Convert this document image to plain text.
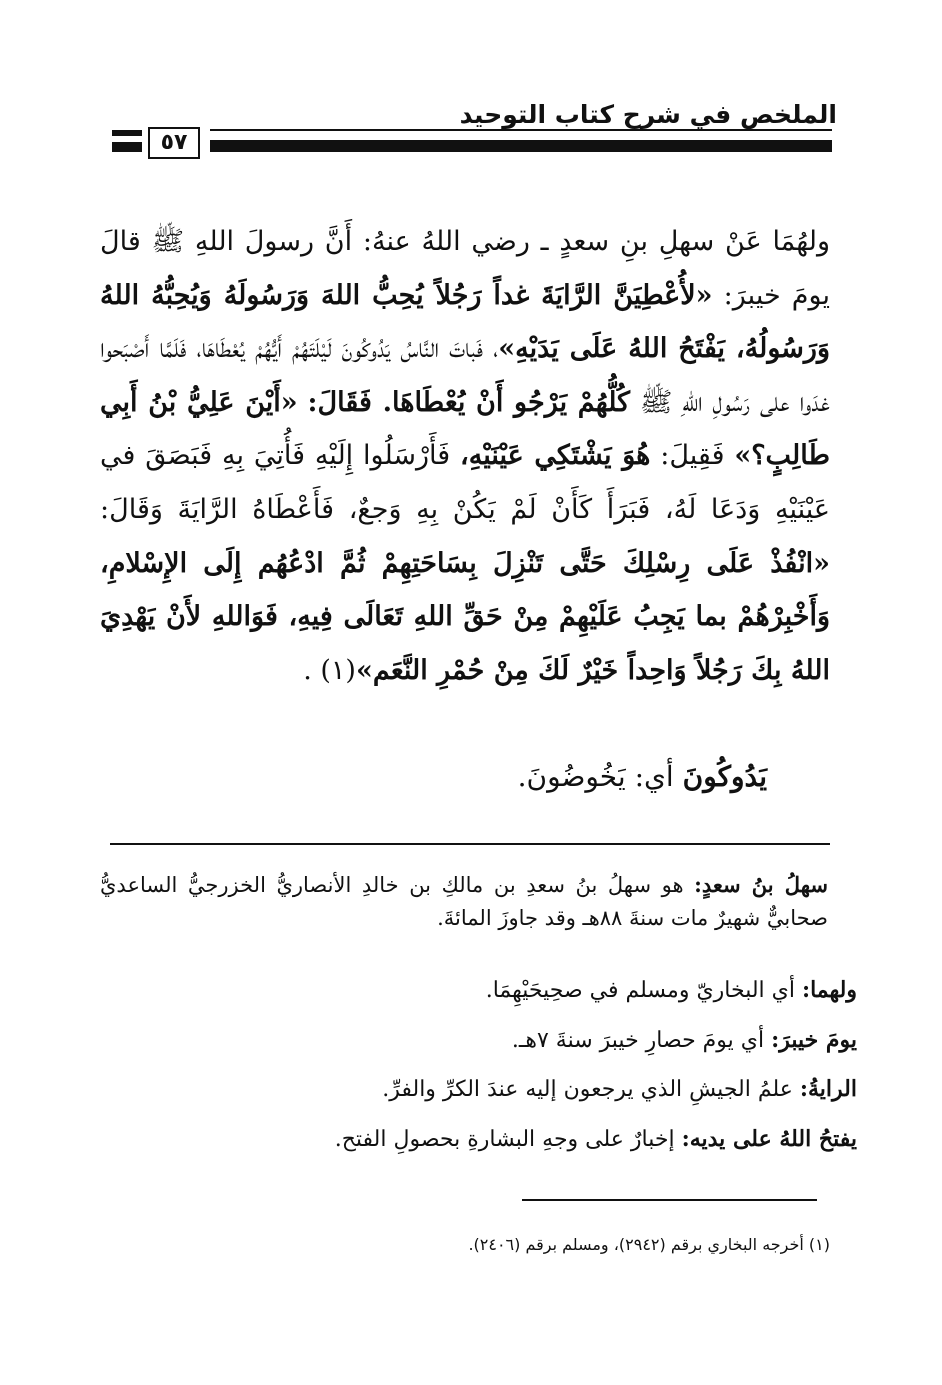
الملخص في شرح كتاب التوحيد
٥٧
ولهُمَا عَنْ سهلِ بنِ سعدٍ ـ رضي اللهُ عنهُ: أَنَّ رسولَ اللهِ ﷺ قالَ يومَ خيبرَ: «لأُعْطِيَنَّ الرَّايَةَ غداً رَجُلاً يُحِبُّ اللهَ وَرَسُولَهُ وَيُحِبُّهُ اللهُ وَرَسُولُهُ، يَفْتَحُ اللهُ عَلَى يَدَيْهِ»، فَباتَ النَّاسُ يَدُوكُونَ لَيْلَتَهُمْ أَيُّهُمْ يُعْطَاهَا، فَلَمَّا أَصْبَحوا غدَوا على رَسُولِ اللهِ ﷺ كُلُّهُمْ يَرْجُو أَنْ يُعْطَاهَا. فَقَالَ: «أَيْنَ عَلِيُّ بْنُ أَبِي طَالِبٍ؟» فَقِيلَ: هُوَ يَشْتَكِي عَيْنَيْهِ، فَأَرْسَلُوا إِلَيْهِ فَأُتِيَ بِهِ فَبَصَقَ في عَيْنَيْهِ وَدَعَا لَهُ، فَبَرَأَ كَأَنْ لَمْ يَكُنْ بِهِ وَجعٌ، فَأَعْطَاهُ الرَّايَةَ وَقَالَ: «انْفُذْ عَلَى رِسْلِكَ حَتَّى تَنْزِلَ بِسَاحَتِهِمْ ثُمَّ ادْعُهُم إِلَى الإِسْلامِ، وَأَخْبِرْهُمْ بما يَجِبُ عَلَيْهِمْ مِنْ حَقِّ اللهِ تَعَالَى فِيهِ، فَوَاللهِ لأَنْ يَهْدِيَ اللهُ بِكَ رَجُلاً وَاحِداً خَيْرٌ لَكَ مِنْ حُمْرِ النَّعَم»(١) .
يَدُوكُونَ أي: يَخُوضُونَ.
سهلُ بنُ سعدٍ: هو سهلُ بنُ سعدِ بن مالكِ بن خالدِ الأنصاريُّ الخزرجيُّ الساعديُّ صحابيٌّ شهيرٌ مات سنةَ ٨٨هـ وقد جاوزَ المائةَ.
ولهما: أي البخاريّ ومسلم في صحِيحَيْهِمَا.
يومَ خيبرَ: أي يومَ حصارِ خيبرَ سنةَ ٧هـ.
الرايةُ: علمُ الجيشِ الذي يرجعون إليه عندَ الكرِّ والفرِّ.
يفتحُ اللهُ على يديه: إخبارٌ على وجهِ البشارةِ بحصولِ الفتح.
(١) أخرجه البخاري برقم (٢٩٤٢)، ومسلم برقم (٢٤٠٦).
